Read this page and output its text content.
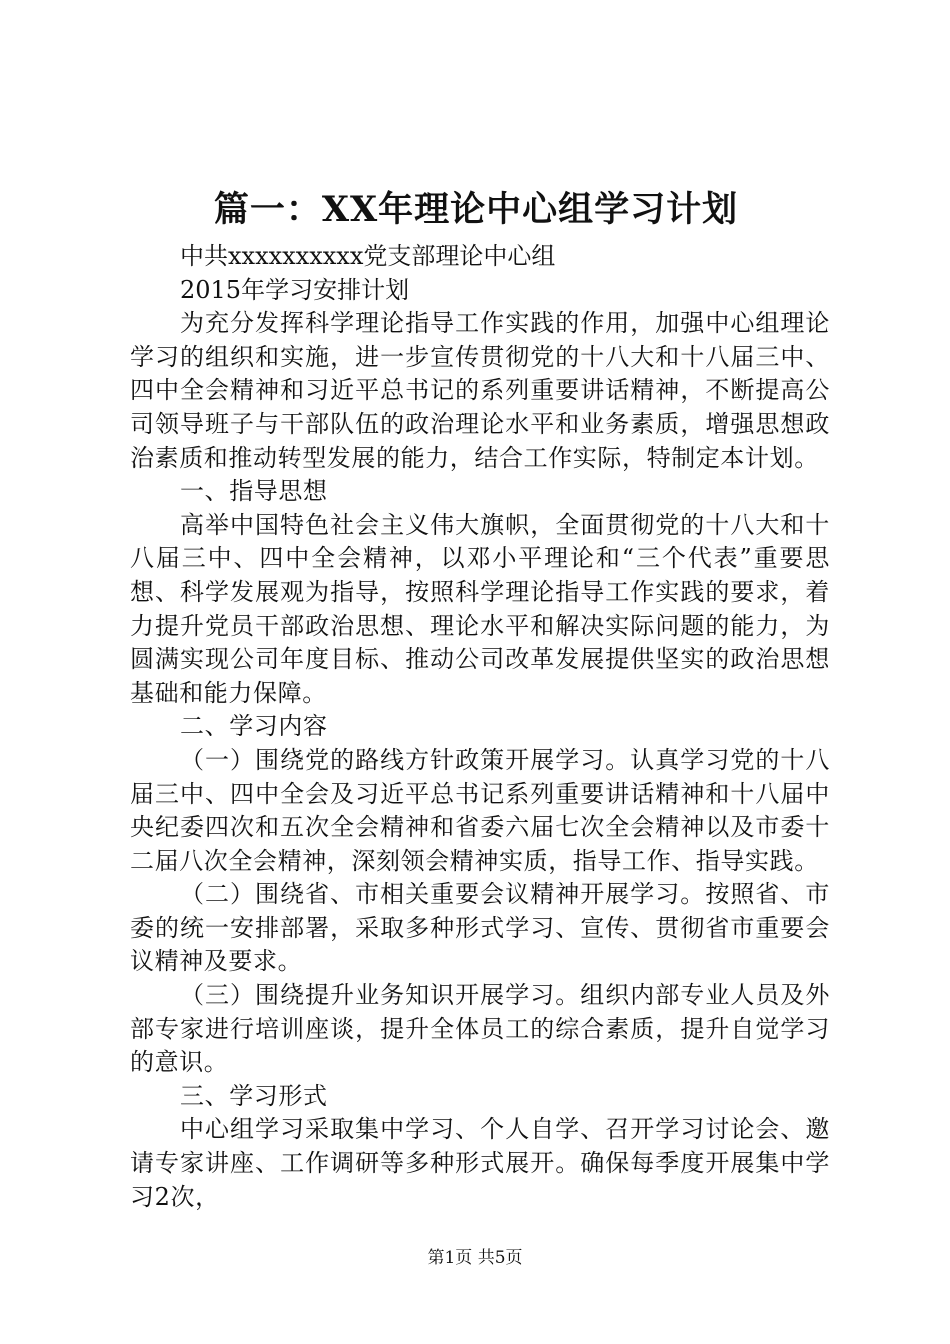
篇一：XX年理论中心组学习计划

中共xxxxxxxxxx党支部理论中心组

2015年学习安排计划

为充分发挥科学理论指导工作实践的作用，加强中心组理论学习的组织和实施，进一步宣传贯彻党的十八大和十八届三中、四中全会精神和习近平总书记的系列重要讲话精神，不断提高公司领导班子与干部队伍的政治理论水平和业务素质，增强思想政治素质和推动转型发展的能力，结合工作实际，特制定本计划。

一、指导思想

高举中国特色社会主义伟大旗帜，全面贯彻党的十八大和十八届三中、四中全会精神，以邓小平理论和“三个代表”重要思想、科学发展观为指导，按照科学理论指导工作实践的要求，着力提升党员干部政治思想、理论水平和解决实际问题的能力，为圆满实现公司年度目标、推动公司改革发展提供坚实的政治思想基础和能力保障。

二、学习内容

（一）围绕党的路线方针政策开展学习。认真学习党的十八届三中、四中全会及习近平总书记系列重要讲话精神和十八届中央纪委四次和五次全会精神和省委六届七次全会精神以及市委十二届八次全会精神，深刻领会精神实质，指导工作、指导实践。

（二）围绕省、市相关重要会议精神开展学习。按照省、市委的统一安排部署，采取多种形式学习、宣传、贯彻省市重要会议精神及要求。

（三）围绕提升业务知识开展学习。组织内部专业人员及外部专家进行培训座谈，提升全体员工的综合素质，提升自觉学习的意识。

三、学习形式

中心组学习采取集中学习、个人自学、召开学习讨论会、邀请专家讲座、工作调研等多种形式展开。确保每季度开展集中学习2次，

第1页 共5页
